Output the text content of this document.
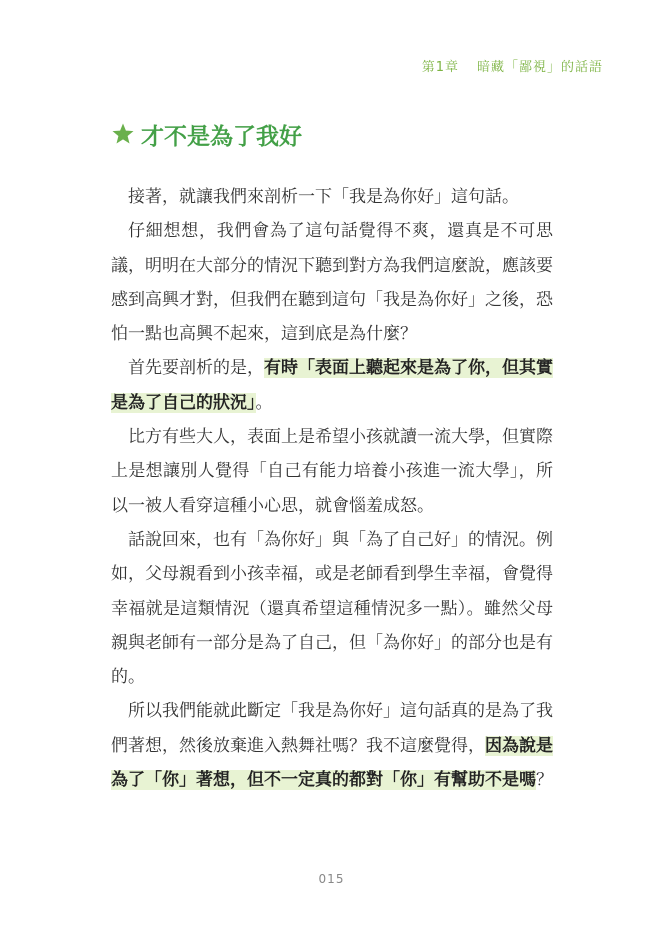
第1章 暗藏「鄙視」的話語
才不是為了我好

接著，就讓我們來剖析一下「我是為你好」這句話。

仔細想想，我們會為了這句話覺得不爽，還真是不可思議，明明在大部分的情況下聽到對方為我們這麼說，應該要感到高興才對，但我們在聽到這句「我是為你好」之後，恐怕一點也高興不起來，這到底是為什麼？

首先要剖析的是，有時「表面上聽起來是為了你，但其實是為了自己的狀況」。

比方有些大人，表面上是希望小孩就讀一流大學，但實際上是想讓別人覺得「自己有能力培養小孩進一流大學」，所以一被人看穿這種小心思，就會惱羞成怒。

話說回來，也有「為你好」與「為了自己好」的情況。例如，父母親看到小孩幸福，或是老師看到學生幸福，會覺得幸福就是這類情況（還真希望這種情況多一點）。雖然父母親與老師有一部分是為了自己，但「為你好」的部分也是有的。

所以我們能就此斷定「我是為你好」這句話真的是為了我們著想，然後放棄進入熱舞社嗎？我不這麼覺得，因為說是為了「你」著想，但不一定真的都對「你」有幫助不是嗎？

015
